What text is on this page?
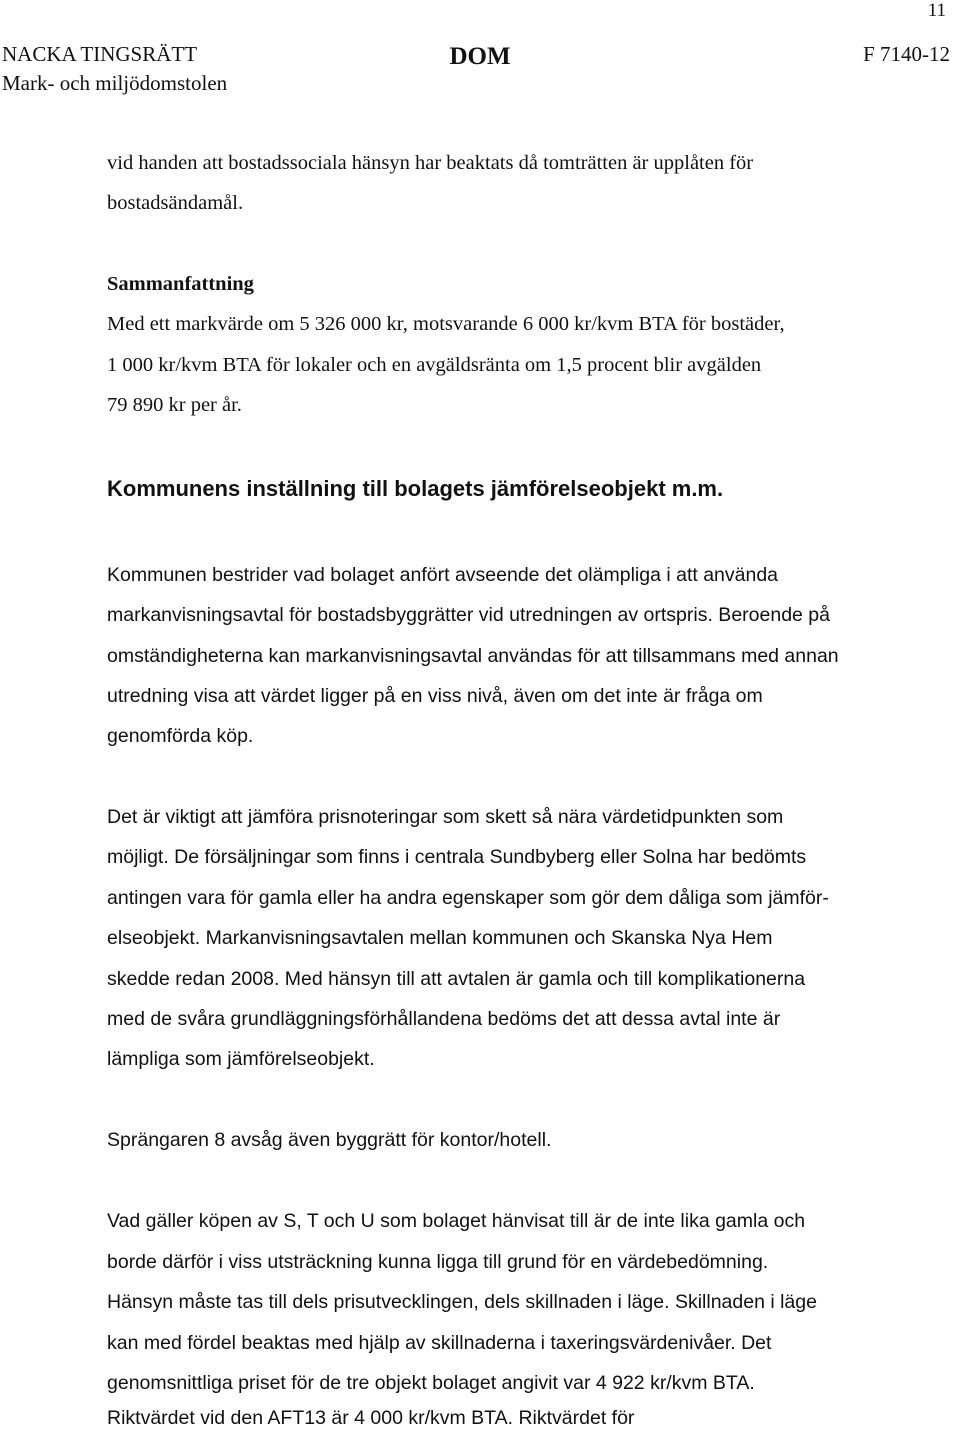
11
NACKA TINGSRÄTT
Mark- och miljödomstolen
DOM	F 7140-12
vid handen att bostadssociala hänsyn har beaktats då tomträtten är upplåten för
bostadsändamål.
Sammanfattning
Med ett markvärde om 5 326 000 kr, motsvarande 6 000 kr/kvm BTA för bostäder,
1 000 kr/kvm BTA för lokaler och en avgäldsränta om 1,5 procent blir avgälden
79 890 kr per år.
Kommunens inställning till bolagets jämförelseobjekt m.m.
Kommunen bestrider vad bolaget anfört avseende det olämpliga i att använda
markanvisningsavtal för bostadsbyggrätter vid utredningen av ortspris. Beroende på
omständigheterna kan markanvisningsavtal användas för att tillsammans med annan
utredning visa att värdet ligger på en viss nivå, även om det inte är fråga om
genomförda köp.
Det är viktigt att jämföra prisnoteringar som skett så nära värdetidpunkten som
möjligt. De försäljningar som finns i centrala Sundbyberg eller Solna har bedömts
antingen vara för gamla eller ha andra egenskaper som gör dem dåliga som jämför-
elseobjekt. Markanvisningsavtalen mellan kommunen och Skanska Nya Hem
skedde redan 2008. Med hänsyn till att avtalen är gamla och till komplikationerna
med de svåra grundläggningsförhållandena bedöms det att dessa avtal inte är
lämpliga som jämförelseobjekt.
Sprängaren 8 avsåg även byggrätt för kontor/hotell.
Vad gäller köpen av S, T och U som bolaget hänvisat till är de inte lika gamla och
borde därför i viss utsträckning kunna ligga till grund för en värdebedömning.
Hänsyn måste tas till dels prisutvecklingen, dels skillnaden i läge. Skillnaden i läge
kan med fördel beaktas med hjälp av skillnaderna i taxeringsvärdenivåer. Det
genomsnittliga priset för de tre objekt bolaget angivit var 4 922 kr/kvm BTA.
Riktvärdet vid den AFT13 är 4 000 kr/kvm BTA. Riktvärdet för
